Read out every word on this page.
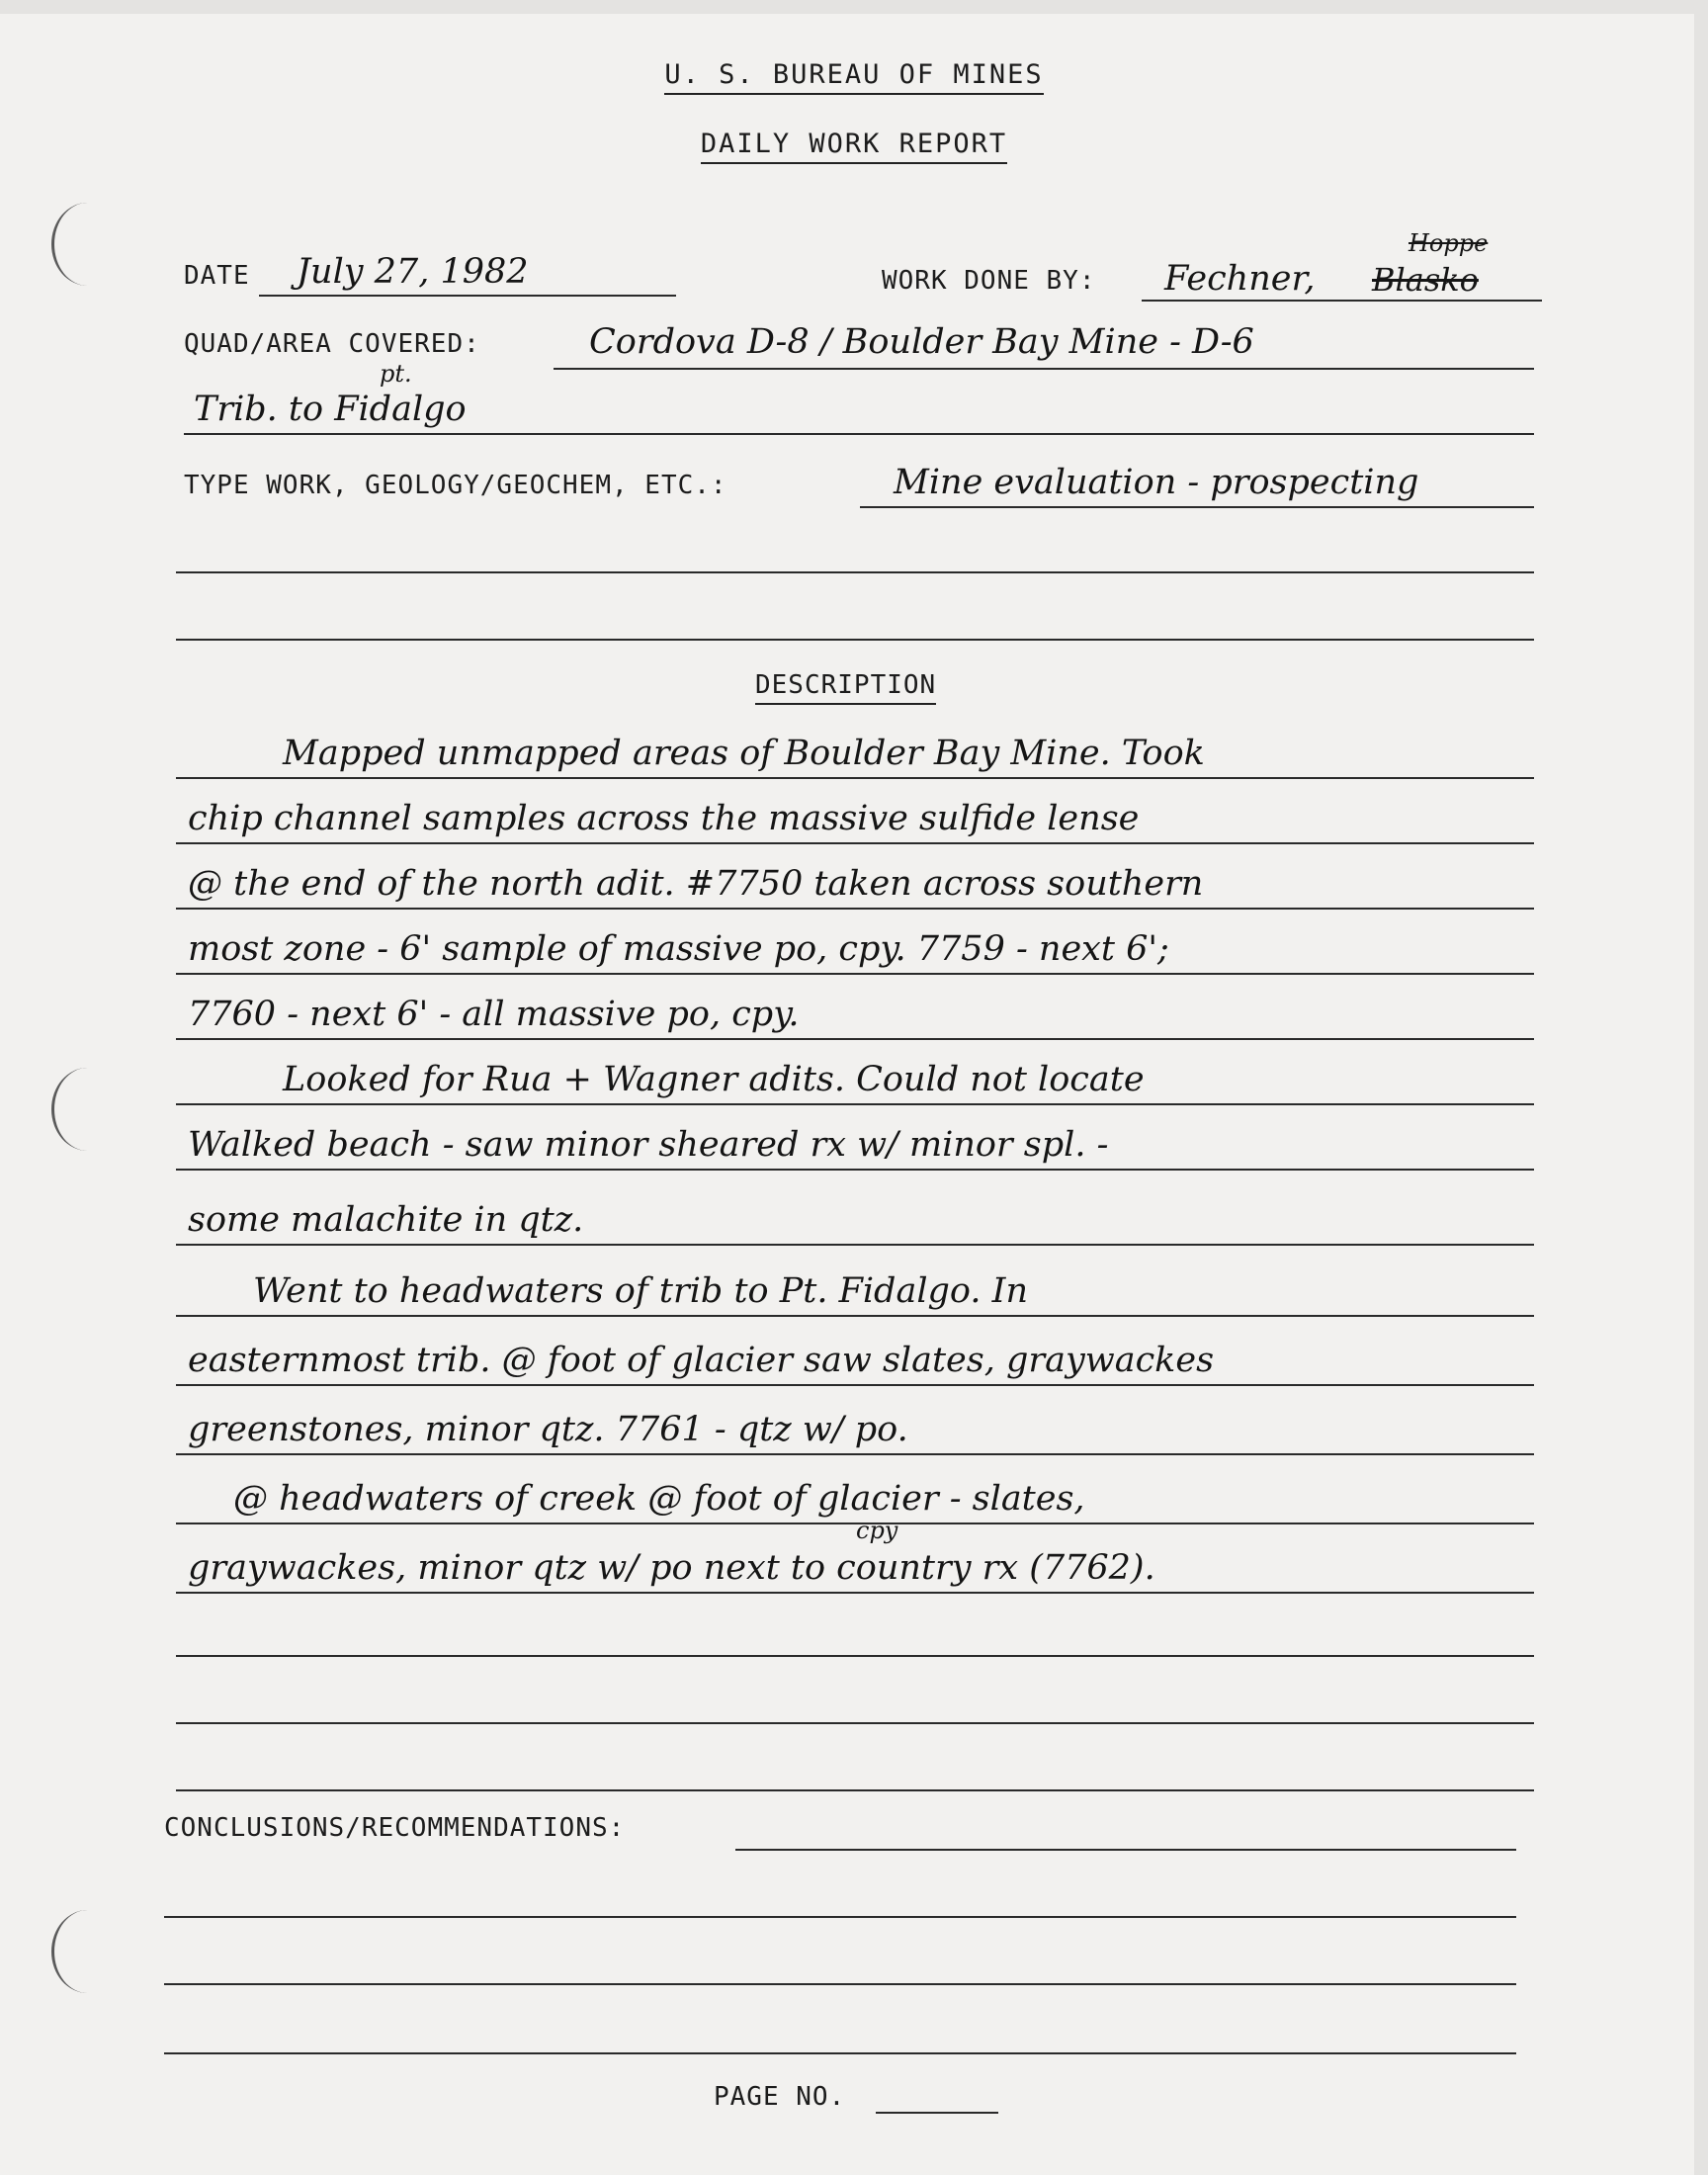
U. S. BUREAU OF MINES
DAILY WORK REPORT
DATE July 27, 1982	WORK DONE BY: Fechner, Blasko
Hoppe
QUAD/AREA COVERED:	Cordova D-8 / Boulder Bay Mine - D-6
Trib. to Fidalgo
pt.
TYPE WORK, GEOLOGY/GEOCHEM, ETC.:	Mine evaluation - prospecting
DESCRIPTION
Mapped unmapped areas of Boulder Bay Mine. Took
chip channel samples across the massive sulfide lense
@ the end of the north adit. #7750 taken across southern
most zone - 6' sample of massive po, cpy. 7759 - next 6';
7760 - next 6' - all massive po, cpy.
Looked for Rua + Wagner adits. Could not locate
Walked beach - saw minor sheared rx w/ minor spl. -
some malachite in qtz.
Went to headwaters of trib to Pt. Fidalgo. In
easternmost trib. @ foot of glacier saw slates, graywackes
greenstones, minor qtz. 7761 - qtz w/ po.
@ headwaters of creek @ foot of glacier - slates,
graywackes, minor qtz w/ po next to country rx (7762).
cpy
CONCLUSIONS/RECOMMENDATIONS:
PAGE NO.
